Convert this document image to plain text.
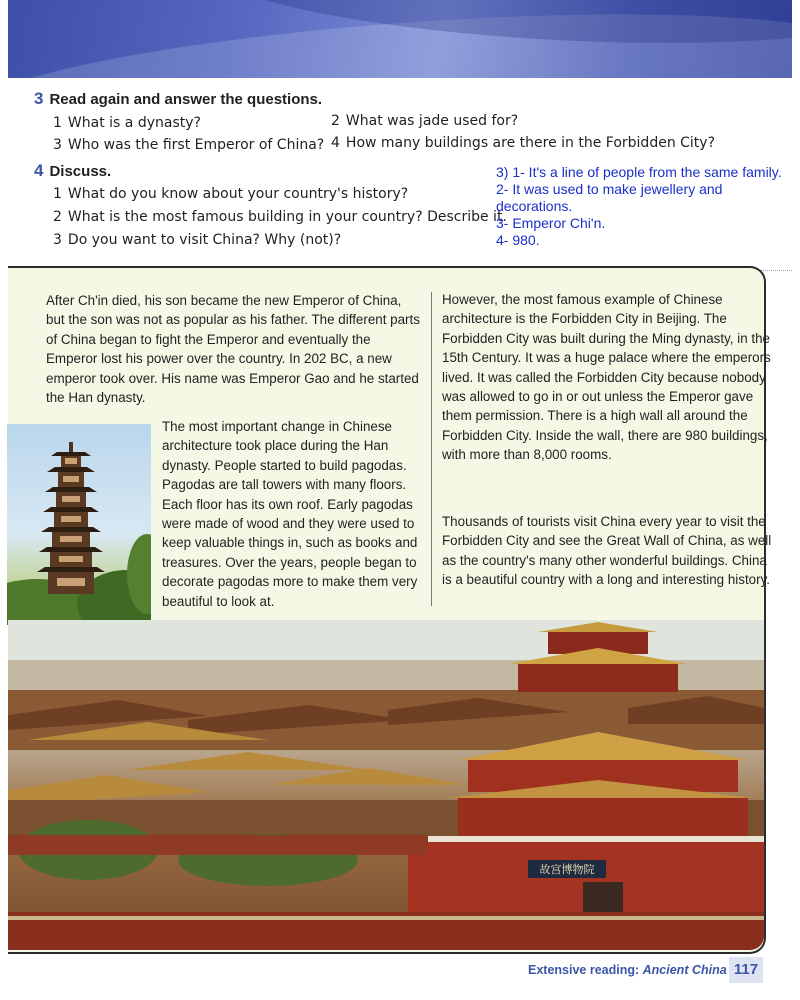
3 Read again and answer the questions.
1 What is a dynasty?	2 What was jade used for?
3 Who was the first Emperor of China? 4 How many buildings are there in the Forbidden City?
4 Discuss.
1 What do you know about your country's history?
2 What is the most famous building in your country? Describe it.
3 Do you want to visit China? Why (not)?
3) 1- It's a line of people from the same family.
2- It was used to make jewellery and decorations.
3- Emperor Chi'n.
4- 980.
After Ch'in died, his son became the new Emperor of China, but the son was not as popular as his father. The different parts of China began to fight the Emperor and eventually the Emperor lost his power over the country. In 202 BC, a new emperor took over. His name was Emperor Gao and he started the Han dynasty.
The most important change in Chinese architecture took place during the Han dynasty. People started to build pagodas. Pagodas are tall towers with many floors. Each floor has its own roof. Early pagodas were made of wood and they were used to keep valuable things in, such as books and treasures. Over the years, people began to decorate pagodas more to make them very beautiful to look at.
However, the most famous example of Chinese architecture is the Forbidden City in Beijing. The Forbidden City was built during the Ming dynasty, in the 15th Century. It was a huge palace where the emperors lived. It was called the Forbidden City because nobody was allowed to go in or out unless the Emperor gave them permission. There is a high wall all around the Forbidden City. Inside the wall, there are 980 buildings, with more than 8,000 rooms.
Thousands of tourists visit China every year to visit the Forbidden City and see the Great Wall of China, as well as the country's many other wonderful buildings. China is a beautiful country with a long and interesting history.
故宫博物院
Extensive reading: Ancient China 117
